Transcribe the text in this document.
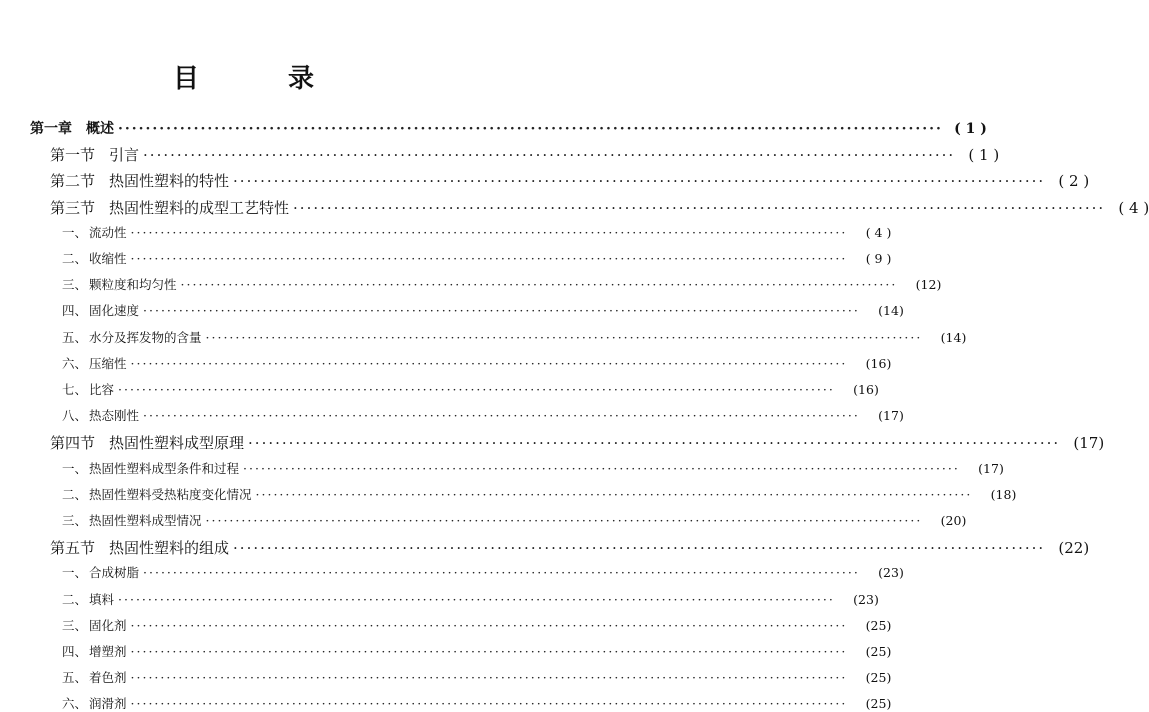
目 录
第一章 概述 ························································································································ ( 1 )
第一节 引言 ························································································································ ( 1 )
第二节 热固性塑料的特性 ························································································································ ( 2 )
第三节 热固性塑料的成型工艺特性 ························································································································ ( 4 )
一、 流动性 ························································································································	( 4 )
二、 收缩性 ························································································································	( 9 )
三、 颗粒度和均匀性 ························································································································	(12)
四、 固化速度 ························································································································	(14)
五、 水分及挥发物的含量 ························································································································	(14)
六、 压缩性 ························································································································	(16)
七、 比容 ························································································································	(16)
八、 热态刚性 ························································································································	(17)
第四节 热固性塑料成型原理 ························································································································ (17)
一、 热固性塑料成型条件和过程 ························································································································	(17)
二、 热固性塑料受热粘度变化情况 ························································································································	(18)
三、 热固性塑料成型情况 ························································································································	(20)
第五节 热固性塑料的组成 ························································································································ (22)
一、 合成树脂 ························································································································	(23)
二、 填料 ························································································································	(23)
三、 固化剂 ························································································································	(25)
四、 增塑剂 ························································································································	(25)
五、 着色剂 ························································································································	(25)
六、 润滑剂 ························································································································	(25)
